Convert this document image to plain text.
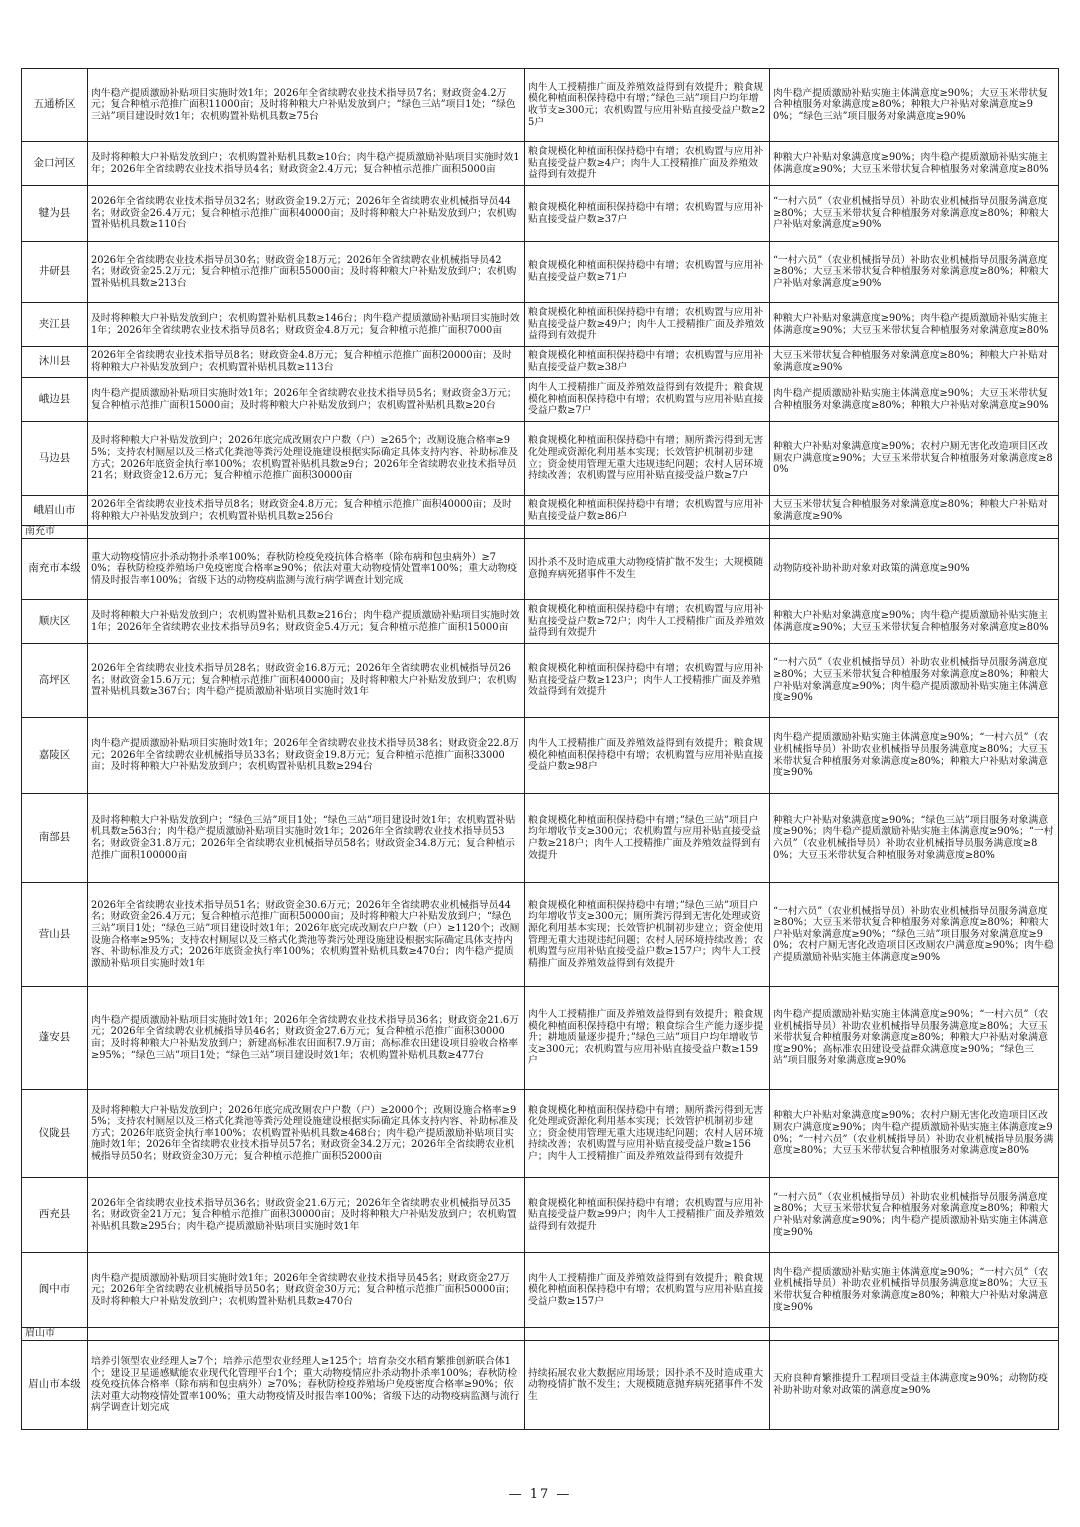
五通桥区	肉牛稳产提质激励补贴项目实施时效1年；2026年全省续聘农业技术指导员7名；财政资金4.2万元；复合种植示范推广面积11000亩；及时将种粮大户补贴发放到户；“绿色三站”项目1处；“绿色三站”项目建设时效1年；农机购置补贴机具数≥75台	肉牛人工授精推广面及养殖效益得到有效提升；粮食规模化种植面积保持稳中有增；”绿色三站”项目户均年增收节支≥300元；农机购置与应用补贴直接受益户数≥25户	肉牛稳产提质激励补贴实施主体满意度≥90%；大豆玉米带状复合种植服务对象满意度≥80%；种粮大户补贴对象满意度≥90%；“绿色三站”项目服务对象满意度≥90%
金口河区	及时将种粮大户补贴发放到户；农机购置补贴机具数≥10台；肉牛稳产提质激励补贴项目实施时效1年；2026年全省续聘农业技术指导员4名；财政资金2.4万元；复合种植示范推广面积5000亩	粮食规模化种植面积保持稳中有增；农机购置与应用补贴直接受益户数≥4户；肉牛人工授精推广面及养殖效益得到有效提升	种粮大户补贴对象满意度≥90%；肉牛稳产提质激励补贴实施主体满意度≥90%；大豆玉米带状复合种植服务对象满意度≥80%
犍为县	2026年全省续聘农业技术指导员32名；财政资金19.2万元；2026年全省续聘农业机械指导员44名；财政资金26.4万元；复合种植示范推广面积40000亩；及时将种粮大户补贴发放到户；农机购置补贴机具数≥110台	粮食规模化种植面积保持稳中有增；农机购置与应用补贴直接受益户数≥37户	“一村六员”（农业机械指导员）补助农业机械指导员服务满意度≥80%；大豆玉米带状复合种植服务对象满意度≥80%；种粮大户补贴对象满意度≥90%
井研县	2026年全省续聘农业技术指导员30名；财政资金18万元；2026年全省续聘农业机械指导员42名；财政资金25.2万元；复合种植示范推广面积55000亩；及时将种粮大户补贴发放到户；农机购置补贴机具数≥213台	粮食规模化种植面积保持稳中有增；农机购置与应用补贴直接受益户数≥71户	“一村六员”（农业机械指导员）补助农业机械指导员服务满意度≥80%；大豆玉米带状复合种植服务对象满意度≥80%；种粮大户补贴对象满意度≥90%
夹江县	及时将种粮大户补贴发放到户；农机购置补贴机具数≥146台；肉牛稳产提质激励补贴项目实施时效1年；2026年全省续聘农业技术指导员8名；财政资金4.8万元；复合种植示范推广面积7000亩	粮食规模化种植面积保持稳中有增；农机购置与应用补贴直接受益户数≥49户；肉牛人工授精推广面及养殖效益得到有效提升	种粮大户补贴对象满意度≥90%；肉牛稳产提质激励补贴实施主体满意度≥90%；大豆玉米带状复合种植服务对象满意度≥80%
沐川县	2026年全省续聘农业技术指导员8名；财政资金4.8万元；复合种植示范推广面积20000亩；及时将种粮大户补贴发放到户；农机购置补贴机具数≥113台	粮食规模化种植面积保持稳中有增；农机购置与应用补贴直接受益户数≥38户	大豆玉米带状复合种植服务对象满意度≥80%；种粮大户补贴对象满意度≥90%
峨边县	肉牛稳产提质激励补贴项目实施时效1年；2026年全省续聘农业技术指导员5名；财政资金3万元；复合种植示范推广面积15000亩；及时将种粮大户补贴发放到户；农机购置补贴机具数≥20台	肉牛人工授精推广面及养殖效益得到有效提升；粮食规模化种植面积保持稳中有增；农机购置与应用补贴直接受益户数≥7户	肉牛稳产提质激励补贴实施主体满意度≥90%；大豆玉米带状复合种植服务对象满意度≥80%；种粮大户补贴对象满意度≥90%
马边县	及时将种粮大户补贴发放到户；2026年底完成改厕农户户数（户）≥265个；改厕设施合格率≥95%；支持农村厕屋以及三格式化粪池等粪污处理设施建设根据实际确定具体支持内容、补助标准及方式；2026年底资金执行率100%；农机购置补贴机具数≥9台；2026年全省续聘农业技术指导员21名；财政资金12.6万元；复合种植示范推广面积30000亩	粮食规模化种植面积保持稳中有增；厕所粪污得到无害化处理或资源化利用基本实现；长效管护机制初步建立；资金使用管理无重大违规违纪问题；农村人居环境持续改善；农机购置与应用补贴直接受益户数≥7户	种粮大户补贴对象满意度≥90%；农村户厕无害化改造项目区改厕农户满意度≥90%；大豆玉米带状复合种植服务对象满意度≥80%
峨眉山市	2026年全省续聘农业技术指导员8名；财政资金4.8万元；复合种植示范推广面积40000亩；及时将种粮大户补贴发放到户；农机购置补贴机具数≥256台	粮食规模化种植面积保持稳中有增；农机购置与应用补贴直接受益户数≥86户	大豆玉米带状复合种植服务对象满意度≥80%；种粮大户补贴对象满意度≥90%
南充市			
南充市本级	重大动物疫情应扑杀动物扑杀率100%；春秋防检疫免疫抗体合格率（除布病和包虫病外）≥70%；春秋防检疫养殖场户免疫密度合格率≥90%；依法对重大动物疫情处置率100%；重大动物疫情及时报告率100%；省级下达的动物疫病监测与流行病学调查计划完成	因扑杀不及时造成重大动物疫情扩散不发生；大规模随意抛弃病死猪事件不发生	动物防疫补助补助对象对政策的满意度≥90%
顺庆区	及时将种粮大户补贴发放到户；农机购置补贴机具数≥216台；肉牛稳产提质激励补贴项目实施时效1年；2026年全省续聘农业技术指导员9名；财政资金5.4万元；复合种植示范推广面积15000亩	粮食规模化种植面积保持稳中有增；农机购置与应用补贴直接受益户数≥72户；肉牛人工授精推广面及养殖效益得到有效提升	种粮大户补贴对象满意度≥90%；肉牛稳产提质激励补贴实施主体满意度≥90%；大豆玉米带状复合种植服务对象满意度≥80%
高坪区	2026年全省续聘农业技术指导员28名；财政资金16.8万元；2026年全省续聘农业机械指导员26名；财政资金15.6万元；复合种植示范推广面积40000亩；及时将种粮大户补贴发放到户；农机购置补贴机具数≥367台；肉牛稳产提质激励补贴项目实施时效1年	粮食规模化种植面积保持稳中有增；农机购置与应用补贴直接受益户数≥123户；肉牛人工授精推广面及养殖效益得到有效提升	“一村六员”（农业机械指导员）补助农业机械指导员服务满意度≥80%；大豆玉米带状复合种植服务对象满意度≥80%；种粮大户补贴对象满意度≥90%；肉牛稳产提质激励补贴实施主体满意度≥90%
嘉陵区	肉牛稳产提质激励补贴项目实施时效1年；2026年全省续聘农业技术指导员38名；财政资金22.8万元；2026年全省续聘农业机械指导员33名；财政资金19.8万元；复合种植示范推广面积33000亩；及时将种粮大户补贴发放到户；农机购置补贴机具数≥294台	肉牛人工授精推广面及养殖效益得到有效提升；粮食规模化种植面积保持稳中有增；农机购置与应用补贴直接受益户数≥98户	肉牛稳产提质激励补贴实施主体满意度≥90%；“一村六员”（农业机械指导员）补助农业机械指导员服务满意度≥80%；大豆玉米带状复合种植服务对象满意度≥80%；种粮大户补贴对象满意度≥90%
南部县	及时将种粮大户补贴发放到户；“绿色三站”项目1处；“绿色三站”项目建设时效1年；农机购置补贴机具数≥563台；肉牛稳产提质激励补贴项目实施时效1年；2026年全省续聘农业技术指导员53名；财政资金31.8万元；2026年全省续聘农业机械指导员58名；财政资金34.8万元；复合种植示范推广面积100000亩	粮食规模化种植面积保持稳中有增；”绿色三站”项目户均年增收节支≥300元；农机购置与应用补贴直接受益户数≥218户；肉牛人工授精推广面及养殖效益得到有效提升	种粮大户补贴对象满意度≥90%；“绿色三站”项目服务对象满意度≥90%；肉牛稳产提质激励补贴实施主体满意度≥90%；“一村六员”（农业机械指导员）补助农业机械指导员服务满意度≥80%；大豆玉米带状复合种植服务对象满意度≥80%
营山县	2026年全省续聘农业技术指导员51名；财政资金30.6万元；2026年全省续聘农业机械指导员44名；财政资金26.4万元；复合种植示范推广面积50000亩；及时将种粮大户补贴发放到户；“绿色三站”项目1处；“绿色三站”项目建设时效1年；2026年底完成改厕农户户数（户）≥1120个；改厕设施合格率≥95%；支持农村厕屋以及三格式化粪池等粪污处理设施建设根据实际确定具体支持内容、补助标准及方式；2026年底资金执行率100%；农机购置补贴机具数≥470台；肉牛稳产提质激励补贴项目实施时效1年	粮食规模化种植面积保持稳中有增；”绿色三站”项目户均年增收节支≥300元；厕所粪污得到无害化处理或资源化利用基本实现；长效管护机制初步建立；资金使用管理无重大违规违纪问题；农村人居环境持续改善；农机购置与应用补贴直接受益户数≥157户；肉牛人工授精推广面及养殖效益得到有效提升	“一村六员”（农业机械指导员）补助农业机械指导员服务满意度≥80%；大豆玉米带状复合种植服务对象满意度≥80%；种粮大户补贴对象满意度≥90%；“绿色三站”项目服务对象满意度≥90%；农村户厕无害化改造项目区改厕农户满意度≥90%；肉牛稳产提质激励补贴实施主体满意度≥90%
蓬安县	肉牛稳产提质激励补贴项目实施时效1年；2026年全省续聘农业技术指导员36名；财政资金21.6万元；2026年全省续聘农业机械指导员46名；财政资金27.6万元；复合种植示范推广面积30000亩；及时将种粮大户补贴发放到户；新建高标准农田面积7.9万亩；高标准农田建设项目验收合格率≥95%；“绿色三站”项目1处；“绿色三站”项目建设时效1年；农机购置补贴机具数≥477台	肉牛人工授精推广面及养殖效益得到有效提升；粮食规模化种植面积保持稳中有增；粮食综合生产能力逐步提升；耕地质量逐步提升；”绿色三站”项目户均年增收节支≥300元；农机购置与应用补贴直接受益户数≥159户	肉牛稳产提质激励补贴实施主体满意度≥90%；“一村六员”（农业机械指导员）补助农业机械指导员服务满意度≥80%；大豆玉米带状复合种植服务对象满意度≥80%；种粮大户补贴对象满意度≥90%；高标准农田建设受益群众满意度≥90%；“绿色三站”项目服务对象满意度≥90%
仪陇县	及时将种粮大户补贴发放到户；2026年底完成改厕农户户数（户）≥2000个；改厕设施合格率≥95%；支持农村厕屋以及三格式化粪池等粪污处理设施建设根据实际确定具体支持内容、补助标准及方式；2026年底资金执行率100%；农机购置补贴机具数≥468台；肉牛稳产提质激励补贴项目实施时效1年；2026年全省续聘农业技术指导员57名；财政资金34.2万元；2026年全省续聘农业机械指导员50名；财政资金30万元；复合种植示范推广面积52000亩	粮食规模化种植面积保持稳中有增；厕所粪污得到无害化处理或资源化利用基本实现；长效管护机制初步建立；资金使用管理无重大违规违纪问题；农村人居环境持续改善；农机购置与应用补贴直接受益户数≥156户；肉牛人工授精推广面及养殖效益得到有效提升	种粮大户补贴对象满意度≥90%；农村户厕无害化改造项目区改厕农户满意度≥90%；肉牛稳产提质激励补贴实施主体满意度≥90%；“一村六员”（农业机械指导员）补助农业机械指导员服务满意度≥80%；大豆玉米带状复合种植服务对象满意度≥80%
西充县	2026年全省续聘农业技术指导员36名；财政资金21.6万元；2026年全省续聘农业机械指导员35名；财政资金21万元；复合种植示范推广面积30000亩；及时将种粮大户补贴发放到户；农机购置补贴机具数≥295台；肉牛稳产提质激励补贴项目实施时效1年	粮食规模化种植面积保持稳中有增；农机购置与应用补贴直接受益户数≥99户；肉牛人工授精推广面及养殖效益得到有效提升	“一村六员”（农业机械指导员）补助农业机械指导员服务满意度≥80%；大豆玉米带状复合种植服务对象满意度≥80%；种粮大户补贴对象满意度≥90%；肉牛稳产提质激励补贴实施主体满意度≥90%
阆中市	肉牛稳产提质激励补贴项目实施时效1年；2026年全省续聘农业技术指导员45名；财政资金27万元；2026年全省续聘农业机械指导员50名；财政资金30万元；复合种植示范推广面积50000亩；及时将种粮大户补贴发放到户；农机购置补贴机具数≥470台	肉牛人工授精推广面及养殖效益得到有效提升；粮食规模化种植面积保持稳中有增；农机购置与应用补贴直接受益户数≥157户	肉牛稳产提质激励补贴实施主体满意度≥90%；“一村六员”（农业机械指导员）补助农业机械指导员服务满意度≥80%；大豆玉米带状复合种植服务对象满意度≥80%；种粮大户补贴对象满意度≥90%
眉山市			
眉山市本级	培养引领型农业经理人≥7个；培养示范型农业经理人≥125个；培育杂交水稻育繁推创新联合体1个；建设卫星遥感赋能农业现代化管理平台1个；重大动物疫情应扑杀动物扑杀率100%；春秋防检疫免疫抗体合格率（除布病和包虫病外）≥70%；春秋防检疫养殖场户免疫密度合格率≥90%；依法对重大动物疫情处置率100%；重大动物疫情及时报告率100%；省级下达的动物疫病监测与流行病学调查计划完成	持续拓展农业大数据应用场景；因扑杀不及时造成重大动物疫情扩散不发生；大规模随意抛弃病死猪事件不发生	天府良种育繁推提升工程项目受益主体满意度≥90%；动物防疫补助补助对象对政策的满意度≥90%
— 17 —
